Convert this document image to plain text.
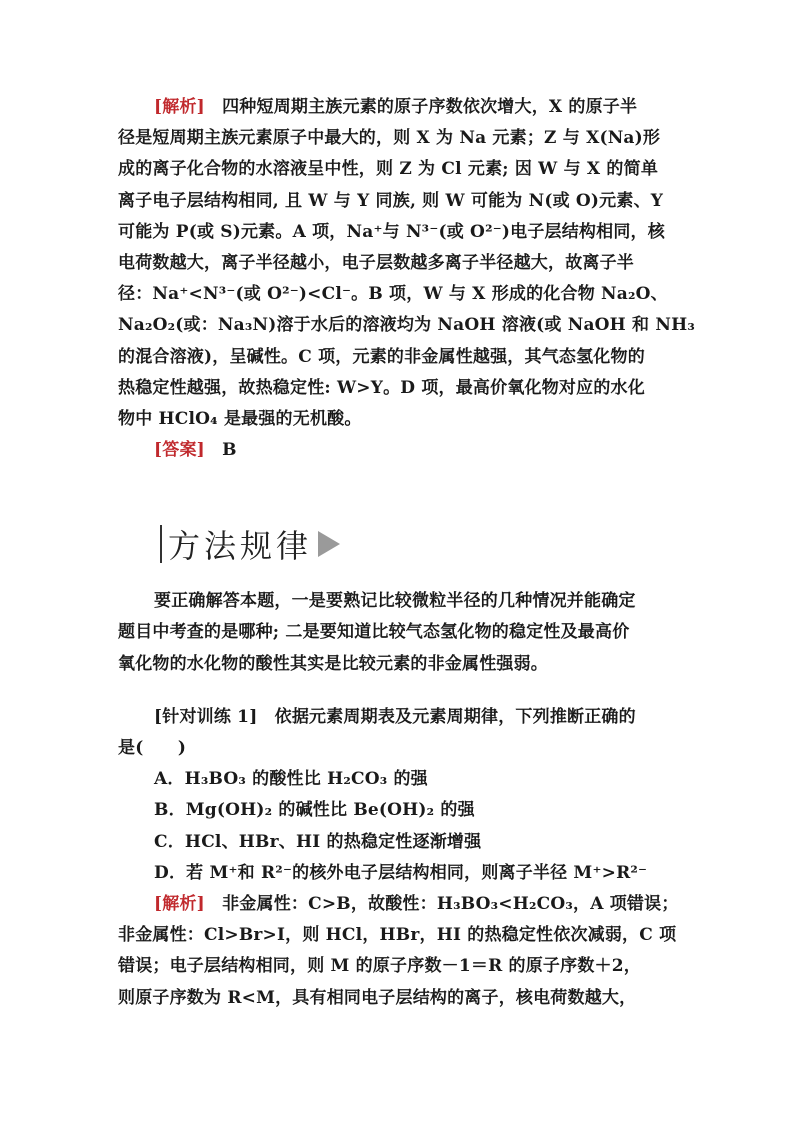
[解析]　 四种短周期主族元素的原子序数依次增大，X 的原子半
径是短周期主族元素原子中最大的，则 X 为 Na 元素；Z 与 X(Na)形
成的离子化合物的水溶液呈中性，则 Z 为 Cl 元素; 因 W 与 X 的简单
离子电子层结构相同, 且 W 与 Y 同族, 则 W 可能为 N(或 O)元素、Y
可能为 P(或 S)元素。A 项，Na⁺与 N³⁻(或 O²⁻)电子层结构相同，核
电荷数越大，离子半径越小，电子层数越多离子半径越大，故离子半
径：Na⁺<N³⁻(或 O²⁻)<Cl⁻。B 项，W 与 X 形成的化合物 Na₂O、
Na₂O₂(或：Na₃N)溶于水后的溶液均为 NaOH 溶液(或 NaOH 和 NH₃
的混合溶液)，呈碱性。C 项，元素的非金属性越强，其气态氢化物的
热稳定性越强，故热稳定性: W>Y。D 项，最高价氧化物对应的水化
物中 HClO₄ 是最强的无机酸。
[答案]　 B
方法规律
要正确解答本题，一是要熟记比较微粒半径的几种情况并能确定
题目中考查的是哪种; 二是要知道比较气态氢化物的稳定性及最高价
氧化物的水化物的酸性其实是比较元素的非金属性强弱。
[针对训练 1]　依据元素周期表及元素周期律，下列推断正确的
是(　　)
A．H₃BO₃ 的酸性比 H₂CO₃ 的强
B．Mg(OH)₂ 的碱性比 Be(OH)₂ 的强
C．HCl、HBr、HI 的热稳定性逐渐增强
D．若 M⁺和 R²⁻的核外电子层结构相同，则离子半径 M⁺>R²⁻
[解析]　 非金属性：C>B，故酸性：H₃BO₃<H₂CO₃，A 项错误；
非金属性：Cl>Br>I，则 HCl，HBr，HI 的热稳定性依次减弱，C 项
错误；电子层结构相同，则 M 的原子序数－1＝R 的原子序数＋2，
则原子序数为 R<M，具有相同电子层结构的离子，核电荷数越大，
